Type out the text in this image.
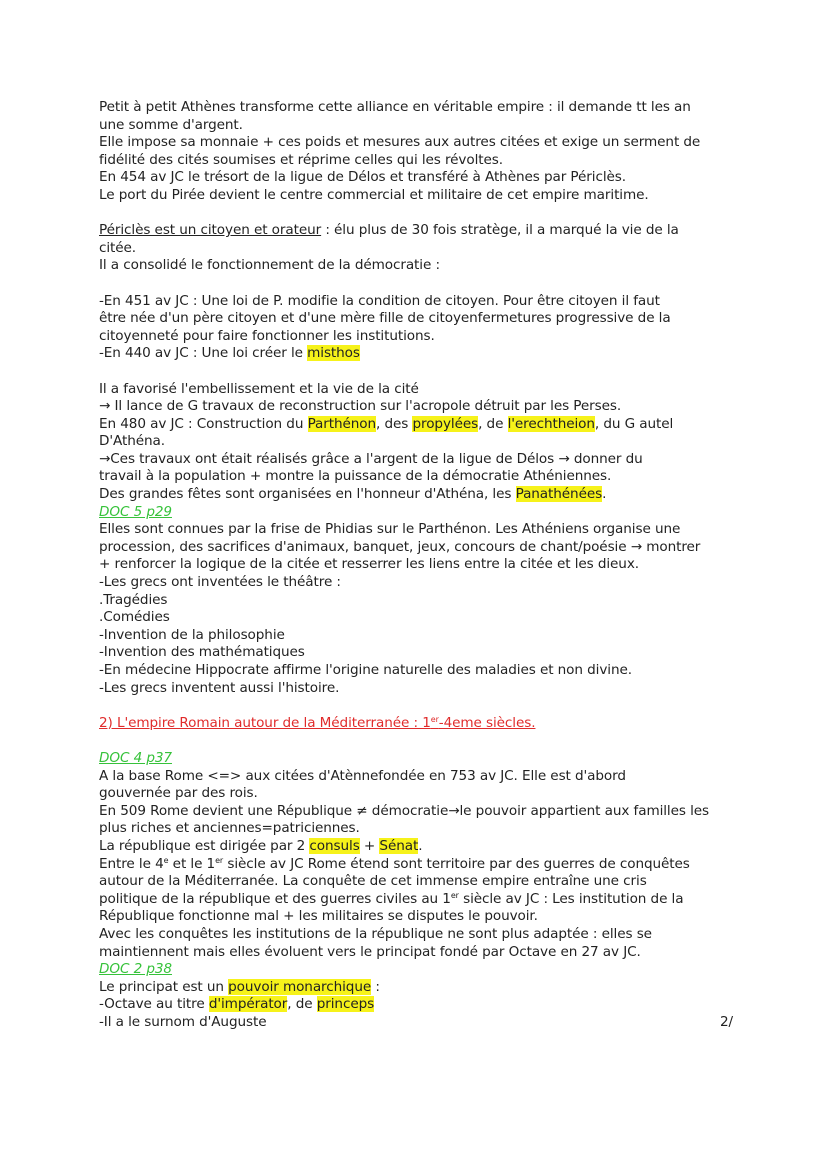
Petit à petit Athènes transforme cette alliance en véritable empire : il demande tt les an
une somme d'argent.
Elle impose sa monnaie + ces poids et mesures aux autres citées et exige un serment de
fidélité des cités soumises et réprime celles qui les révoltes.
En 454 av JC le trésort de la ligue de Délos et transféré à Athènes par Périclès.
Le port du Pirée devient le centre commercial et militaire de cet empire maritime.
Périclès est un citoyen et orateur : élu plus de 30 fois stratège, il a marqué la vie de la
citée.
Il a consolidé le fonctionnement de la démocratie :
-En 451 av JC : Une loi de P. modifie la condition de citoyen. Pour être citoyen il faut
être née d'un père citoyen et d'une mère fille de citoyenfermetures progressive de la
citoyenneté pour faire fonctionner les institutions.
-En 440 av JC : Une loi créer le misthos
Il a favorisé l'embellissement et la vie de la cité
→ Il lance de G travaux de reconstruction sur l'acropole détruit par les Perses.
En 480 av JC : Construction du Parthénon, des propylées, de l'erechtheion, du G autel
D'Athéna.
→Ces travaux ont était réalisés grâce a l'argent de la ligue de Délos → donner du
travail à la population + montre la puissance de la démocratie Athéniennes.
Des grandes fêtes sont organisées en l'honneur d'Athéna, les Panathénées.
DOC 5 p29
Elles sont connues par la frise de Phidias sur le Parthénon. Les Athéniens organise une
procession, des sacrifices d'animaux, banquet, jeux, concours de chant/poésie → montrer
+ renforcer la logique de la citée et resserrer les liens entre la citée et les dieux.
-Les grecs ont inventées le théâtre :
.Tragédies
.Comédies
-Invention de la philosophie
-Invention des mathématiques
-En médecine Hippocrate affirme l'origine naturelle des maladies et non divine.
-Les grecs inventent aussi l'histoire.
2) L'empire Romain autour de la Méditerranée : 1er-4eme siècles.
DOC 4 p37
A la base Rome <=> aux citées d'Atènnefondée en 753 av JC. Elle est d'abord
gouvernée par des rois.
En 509 Rome devient une République ≠ démocratie→le pouvoir appartient aux familles les
plus riches et anciennes=patriciennes.
La république est dirigée par 2 consuls + Sénat.
Entre le 4e et le 1er siècle av JC Rome étend sont territoire par des guerres de conquêtes
autour de la Méditerranée. La conquête de cet immense empire entraîne une cris
politique de la république et des guerres civiles au 1er siècle av JC : Les institution de la
République fonctionne mal + les militaires se disputes le pouvoir.
Avec les conquêtes les institutions de la république ne sont plus adaptée : elles se
maintiennent mais elles évoluent vers le principat fondé par Octave en 27 av JC.
DOC 2 p38
Le principat est un pouvoir monarchique :
-Octave au titre d'impérator, de princeps
-Il a le surnom d'Auguste	2/
